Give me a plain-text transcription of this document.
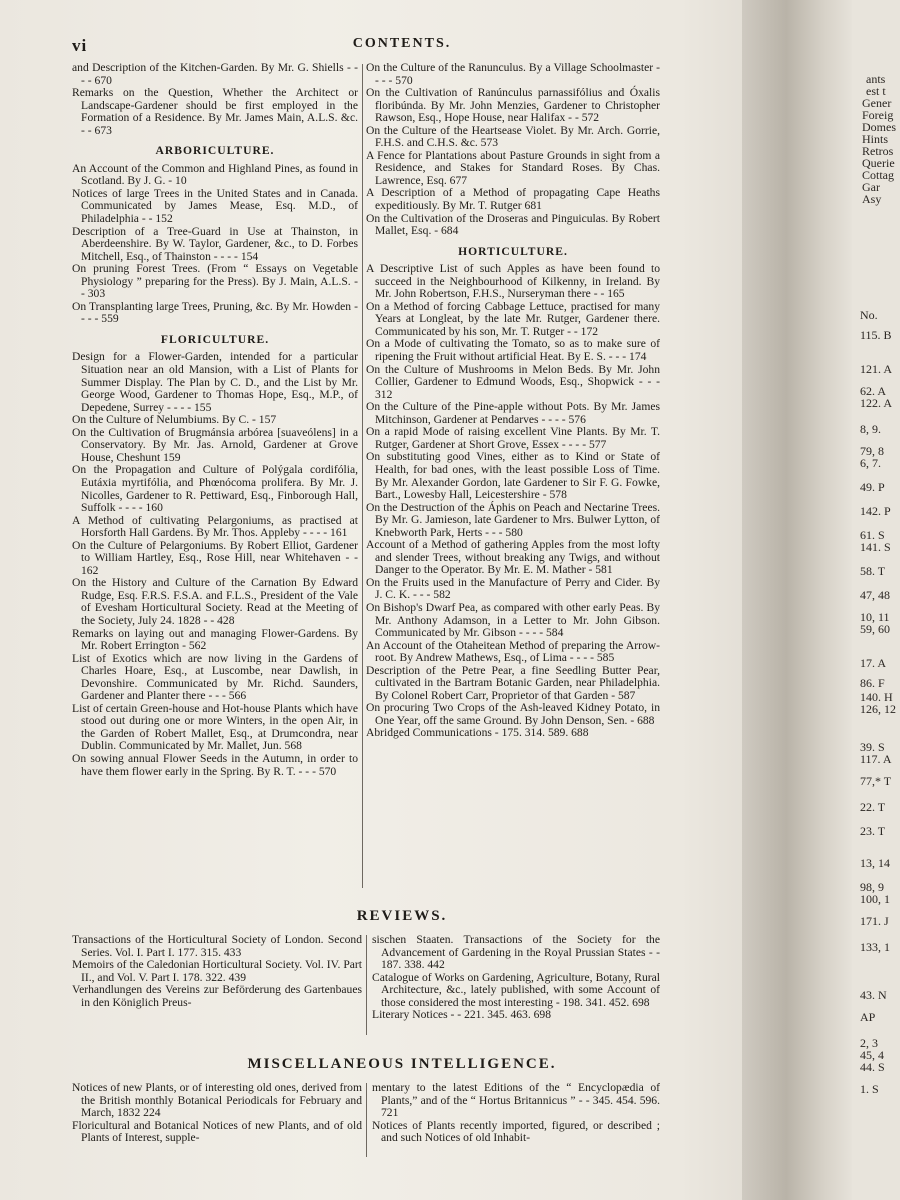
vi	CONTENTS.
and Description of the Kitchen-Garden. By Mr. G. Shiells - - - - 670
Remarks on the Question, Whether the Architect or Landscape-Gardener should be first employed in the Formation of a Residence. By Mr. James Main, A.L.S. &c. - - 673
ARBORICULTURE.
An Account of the Common and Highland Pines, as found in Scotland. By J. G. - 10
Notices of large Trees in the United States and in Canada. Communicated by James Mease, Esq. M.D., of Philadelphia - - 152
Description of a Tree-Guard in Use at Thainston, in Aberdeenshire. By W. Taylor, Gardener, &c., to D. Forbes Mitchell, Esq., of Thainston - - - - 154
On pruning Forest Trees. (From “ Essays on Vegetable Physiology ” preparing for the Press). By J. Main, A.L.S. - - 303
On Transplanting large Trees, Pruning, &c. By Mr. Howden - - - - 559
FLORICULTURE.
Design for a Flower-Garden, intended for a particular Situation near an old Mansion, with a List of Plants for Summer Display. The Plan by C. D., and the List by Mr. George Wood, Gardener to Thomas Hope, Esq., M.P., of Depedene, Surrey - - - - 155
On the Culture of Nelumbiums. By C. - 157
On the Cultivation of Brugmánsia arbórea [suaveólens] in a Conservatory. By Mr. Jas. Arnold, Gardener at Grove House, Cheshunt 159
On the Propagation and Culture of Polýgala cordifólia, Eutáxia myrtifólia, and Phœnócoma prolifera. By Mr. J. Nicolles, Gardener to R. Pettiward, Esq., Finborough Hall, Suffolk - - - - 160
A Method of cultivating Pelargoniums, as practised at Horsforth Hall Gardens. By Mr. Thos. Appleby - - - - 161
On the Culture of Pelargoniums. By Robert Elliot, Gardener to William Hartley, Esq., Rose Hill, near Whitehaven - - 162
On the History and Culture of the Carnation By Edward Rudge, Esq. F.R.S. F.S.A. and F.L.S., President of the Vale of Evesham Horticultural Society. Read at the Meeting of the Society, July 24. 1828 - - 428
Remarks on laying out and managing Flower-Gardens. By Mr. Robert Errington - 562
List of Exotics which are now living in the Gardens of Charles Hoare, Esq., at Luscombe, near Dawlish, in Devonshire. Communicated by Mr. Richd. Saunders, Gardener and Planter there - - - 566
List of certain Green-house and Hot-house Plants which have stood out during one or more Winters, in the open Air, in the Garden of Robert Mallet, Esq., at Drumcondra, near Dublin. Communicated by Mr. Mallet, Jun. 568
On sowing annual Flower Seeds in the Autumn, in order to have them flower early in the Spring. By R. T. - - - 570
On the Culture of the Ranunculus. By a Village Schoolmaster - - - - 570
On the Cultivation of Ranúnculus parnassifólius and Óxalis floribúnda. By Mr. John Menzies, Gardener to Christopher Rawson, Esq., Hope House, near Halifax - - 572
On the Culture of the Heartsease Violet. By Mr. Arch. Gorrie, F.H.S. and C.H.S. &c. 573
A Fence for Plantations about Pasture Grounds in sight from a Residence, and Stakes for Standard Roses. By Chas. Lawrence, Esq. 677
A Description of a Method of propagating Cape Heaths expeditiously. By Mr. T. Rutger 681
On the Cultivation of the Droseras and Pinguiculas. By Robert Mallet, Esq. - 684
HORTICULTURE.
A Descriptive List of such Apples as have been found to succeed in the Neighbourhood of Kilkenny, in Ireland. By Mr. John Robertson, F.H.S., Nurseryman there - - 165
On a Method of forcing Cabbage Lettuce, practised for many Years at Longleat, by the late Mr. Rutger, Gardener there. Communicated by his son, Mr. T. Rutger - - 172
On a Mode of cultivating the Tomato, so as to make sure of ripening the Fruit without artificial Heat. By E. S. - - - 174
On the Culture of Mushrooms in Melon Beds. By Mr. John Collier, Gardener to Edmund Woods, Esq., Shopwick - - - 312
On the Culture of the Pine-apple without Pots. By Mr. James Mitchinson, Gardener at Pendarves - - - - 576
On a rapid Mode of raising excellent Vine Plants. By Mr. T. Rutger, Gardener at Short Grove, Essex - - - - 577
On substituting good Vines, either as to Kind or State of Health, for bad ones, with the least possible Loss of Time. By Mr. Alexander Gordon, late Gardener to Sir F. G. Fowke, Bart., Lowesby Hall, Leicestershire - 578
On the Destruction of the Áphis on Peach and Nectarine Trees. By Mr. G. Jamieson, late Gardener to Mrs. Bulwer Lytton, of Knebworth Park, Herts - - - 580
Account of a Method of gathering Apples from the most lofty and slender Trees, without breaking any Twigs, and without Danger to the Operator. By Mr. E. M. Mather - 581
On the Fruits used in the Manufacture of Perry and Cider. By J. C. K. - - - 582
On Bishop's Dwarf Pea, as compared with other early Peas. By Mr. Anthony Adamson, in a Letter to Mr. John Gibson. Communicated by Mr. Gibson - - - - 584
An Account of the Otaheitean Method of preparing the Arrow-root. By Andrew Mathews, Esq., of Lima - - - - 585
Description of the Petre Pear, a fine Seedling Butter Pear, cultivated in the Bartram Botanic Garden, near Philadelphia. By Colonel Robert Carr, Proprietor of that Garden - 587
On procuring Two Crops of the Ash-leaved Kidney Potato, in One Year, off the same Ground. By John Denson, Sen. - 688
Abridged Communications - 175. 314. 589. 688
REVIEWS.
Transactions of the Horticultural Society of London. Second Series. Vol. I. Part I. 177. 315. 433
Memoirs of the Caledonian Horticultural Society. Vol. IV. Part II., and Vol. V. Part I. 178. 322. 439
Verhandlungen des Vereins zur Beförderung des Gartenbaues in den Königlich Preus-
sischen Staaten. Transactions of the Society for the Advancement of Gardening in the Royal Prussian States - - 187. 338. 442
Catalogue of Works on Gardening, Agriculture, Botany, Rural Architecture, &c., lately published, with some Account of those considered the most interesting - 198. 341. 452. 698
Literary Notices - - 221. 345. 463. 698
MISCELLANEOUS INTELLIGENCE.
Notices of new Plants, or of interesting old ones, derived from the British monthly Botanical Periodicals for February and March, 1832 224
Floricultural and Botanical Notices of new Plants, and of old Plants of Interest, supple-
mentary to the latest Editions of the “ Encyclopædia of Plants,” and of the “ Hortus Britannicus ” - - 345. 454. 596. 721
Notices of Plants recently imported, figured, or described ; and such Notices of old Inhabit-
ants
est t
Gener
Foreig
Domes
Hints
Retros
Querie
Cottag
Gar
Asy
No.
115. B
121. A
62. A
122. A
8, 9.
79, 8
6, 7.
49. P
142. P
61. S
141. S
58. T
47, 48
10, 11
59, 60
17. A
86. F
140. H
126, 12
39. S
117. A
77,* T
22. T
23. T
13, 14
98, 9
100, 1
171. J
133, 1
43. N
AP
2, 3
45, 4
44. S
1. S
